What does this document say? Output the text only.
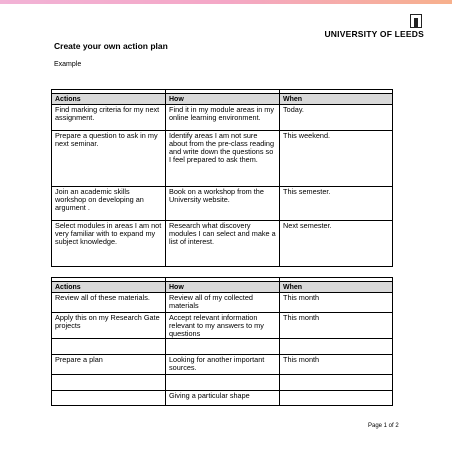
UNIVERSITY OF LEEDS
Create your own action plan
Example

Actions	How	When
Find marking criteria for my next assignment.	Find it in my module areas in my online learning environment.	Today.
Prepare a question to ask in my next seminar.	Identify areas I am not sure about from the pre-class reading and write down the questions so I feel prepared to ask them.	This weekend.
Join an academic skills workshop on developing an argument .	Book on a workshop from the University website.	This semester.
Select modules in areas I am not very familiar with to expand my subject knowledge.	Research what discovery modules I can select and make a list of interest.	Next semester.

Actions	How	When
Review all of these materials.	Review all of my collected materials	This month
Apply this on my Research Gate projects	Accept relevant information relevant to my answers to my questions	This month

Prepare a plan	Looking for another important sources.	This month

	Giving a particular shape	
Page 1 of 2
